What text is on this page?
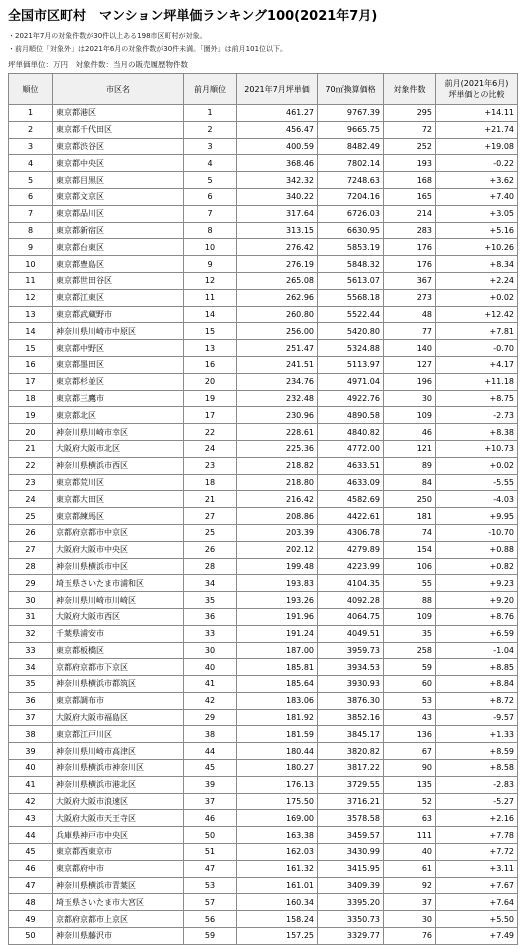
全国市区町村　マンション坪単価ランキング100(2021年7月)
・2021年7月の対象件数が30件以上ある198市区町村が対象。
・前月順位「対象外」は2021年6月の対象件数が30件未満。「圏外」は前月101位以下。
坪単価単位：万円　対象件数：当月の販売履歴物件数
順位	市区名	前月順位	2021年7月坪単価	70㎡換算価格	対象件数	前月(2021年6月)
坪単価との比較

1	東京都港区	1	461.27	9767.39	295	+14.11
2	東京都千代田区	2	456.47	9665.75	72	+21.74
3	東京都渋谷区	3	400.59	8482.49	252	+19.08
4	東京都中央区	4	368.46	7802.14	193	-0.22
5	東京都目黒区	5	342.32	7248.63	168	+3.62
6	東京都文京区	6	340.22	7204.16	165	+7.40
7	東京都品川区	7	317.64	6726.03	214	+3.05
8	東京都新宿区	8	313.15	6630.95	283	+5.16
9	東京都台東区	10	276.42	5853.19	176	+10.26
10	東京都豊島区	9	276.19	5848.32	176	+8.34
11	東京都世田谷区	12	265.08	5613.07	367	+2.24
12	東京都江東区	11	262.96	5568.18	273	+0.02
13	東京都武蔵野市	14	260.80	5522.44	48	+12.42
14	神奈川県川崎市中原区	15	256.00	5420.80	77	+7.81
15	東京都中野区	13	251.47	5324.88	140	-0.70
16	東京都墨田区	16	241.51	5113.97	127	+4.17
17	東京都杉並区	20	234.76	4971.04	196	+11.18
18	東京都三鷹市	19	232.48	4922.76	30	+8.75
19	東京都北区	17	230.96	4890.58	109	-2.73
20	神奈川県川崎市幸区	22	228.61	4840.82	46	+8.38
21	大阪府大阪市北区	24	225.36	4772.00	121	+10.73
22	神奈川県横浜市西区	23	218.82	4633.51	89	+0.02
23	東京都荒川区	18	218.80	4633.09	84	-5.55
24	東京都大田区	21	216.42	4582.69	250	-4.03
25	東京都練馬区	27	208.86	4422.61	181	+9.95
26	京都府京都市中京区	25	203.39	4306.78	74	-10.70
27	大阪府大阪市中央区	26	202.12	4279.89	154	+0.88
28	神奈川県横浜市中区	28	199.48	4223.99	106	+0.82
29	埼玉県さいたま市浦和区	34	193.83	4104.35	55	+9.23
30	神奈川県川崎市川崎区	35	193.26	4092.28	88	+9.20
31	大阪府大阪市西区	36	191.96	4064.75	109	+8.76
32	千葉県浦安市	33	191.24	4049.51	35	+6.59
33	東京都板橋区	30	187.00	3959.73	258	-1.04
34	京都府京都市下京区	40	185.81	3934.53	59	+8.85
35	神奈川県横浜市都筑区	41	185.64	3930.93	60	+8.84
36	東京都調布市	42	183.06	3876.30	53	+8.72
37	大阪府大阪市福島区	29	181.92	3852.16	43	-9.57
38	東京都江戸川区	38	181.59	3845.17	136	+1.33
39	神奈川県川崎市高津区	44	180.44	3820.82	67	+8.59
40	神奈川県横浜市神奈川区	45	180.27	3817.22	90	+8.58
41	神奈川県横浜市港北区	39	176.13	3729.55	135	-2.83
42	大阪府大阪市浪速区	37	175.50	3716.21	52	-5.27
43	大阪府大阪市天王寺区	46	169.00	3578.58	63	+2.16
44	兵庫県神戸市中央区	50	163.38	3459.57	111	+7.78
45	東京都西東京市	51	162.03	3430.99	40	+7.72
46	東京都府中市	47	161.32	3415.95	61	+3.11
47	神奈川県横浜市青葉区	53	161.01	3409.39	92	+7.67
48	埼玉県さいたま市大宮区	57	160.34	3395.20	37	+7.64
49	京都府京都市上京区	56	158.24	3350.73	30	+5.50
50	神奈川県藤沢市	59	157.25	3329.77	76	+7.49
